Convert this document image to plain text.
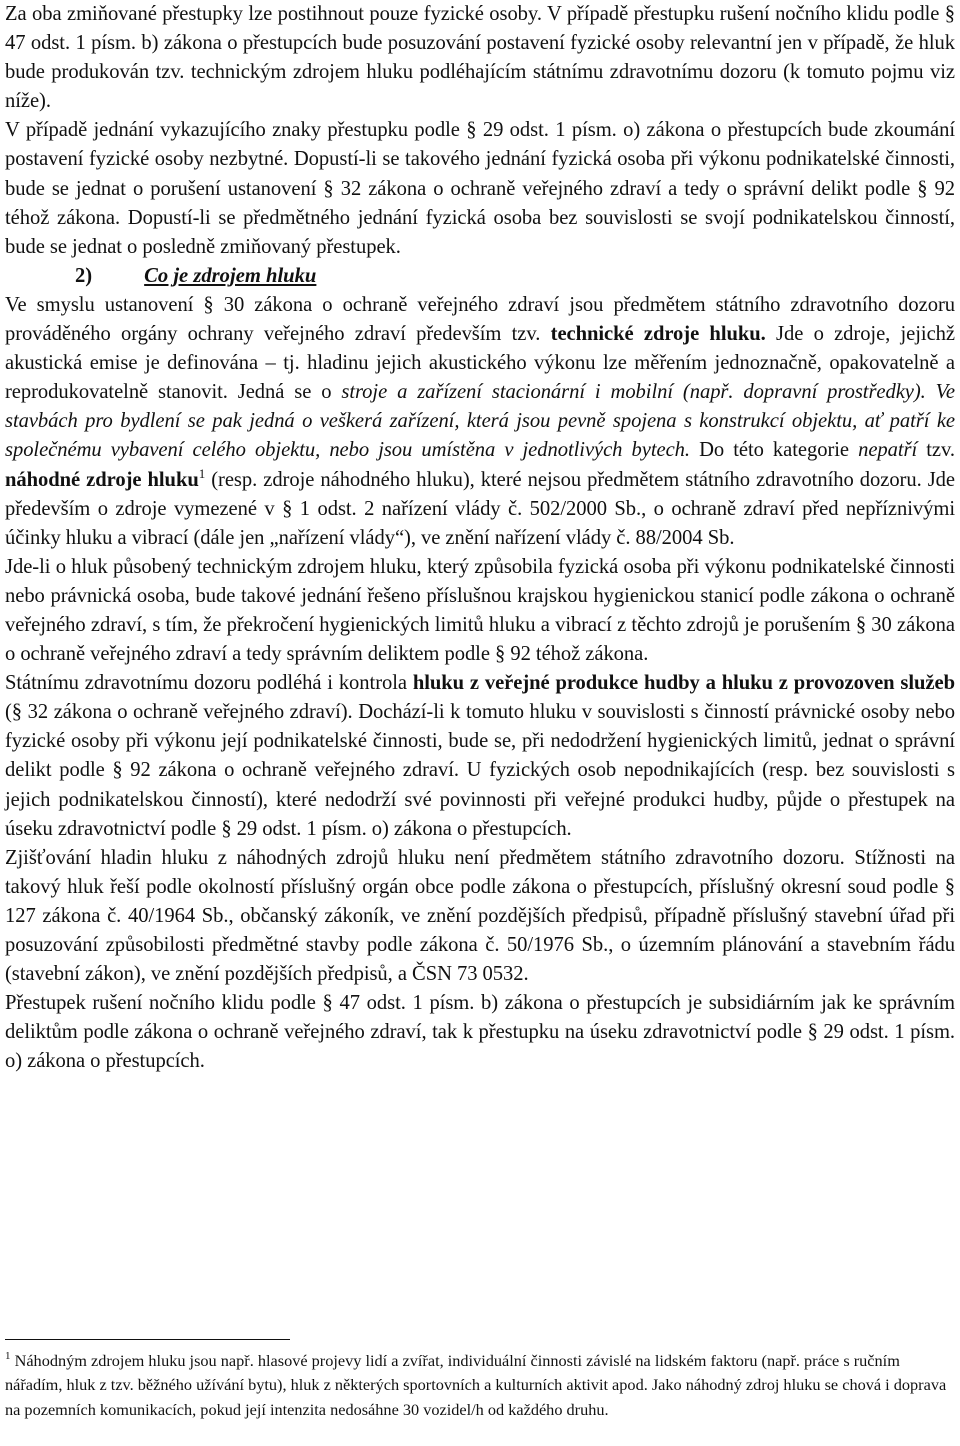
Za oba zmiňované přestupky lze postihnout pouze fyzické osoby. V případě přestupku rušení nočního klidu podle § 47 odst. 1 písm. b) zákona o přestupcích bude posuzování postavení fyzické osoby relevantní jen v případě, že hluk bude produkován tzv. technickým zdrojem hluku podléhajícím státnímu zdravotnímu dozoru (k tomuto pojmu viz níže).

V případě jednání vykazujícího znaky přestupku podle § 29 odst. 1 písm. o) zákona o přestupcích bude zkoumání postavení fyzické osoby nezbytné. Dopustí-li se takového jednání fyzická osoba při výkonu podnikatelské činnosti, bude se jednat o porušení ustanovení § 32 zákona o ochraně veřejného zdraví a tedy o správní delikt podle § 92 téhož zákona. Dopustí-li se předmětného jednání fyzická osoba bez souvislosti se svojí podnikatelskou činností, bude se jednat o posledně zmiňovaný přestupek.

2)	Co je zdrojem hluku

Ve smyslu ustanovení § 30 zákona o ochraně veřejného zdraví jsou předmětem státního zdravotního dozoru prováděného orgány ochrany veřejného zdraví především tzv. technické zdroje hluku. Jde o zdroje, jejichž akustická emise je definována – tj. hladinu jejich akustického výkonu lze měřením jednoznačně, opakovatelně a reprodukovatelně stanovit. Jedná se o stroje a zařízení stacionární i mobilní (např. dopravní prostředky). Ve stavbách pro bydlení se pak jedná o veškerá zařízení, která jsou pevně spojena s konstrukcí objektu, ať patří ke společnému vybavení celého objektu, nebo jsou umístěna v jednotlivých bytech. Do této kategorie nepatří tzv. náhodné zdroje hluku$^1$ (resp. zdroje náhodného hluku), které nejsou předmětem státního zdravotního dozoru. Jde především o zdroje vymezené v § 1 odst. 2 nařízení vlády č. 502/2000 Sb., o ochraně zdraví před nepříznivými účinky hluku a vibrací (dále jen „nařízení vlády“), ve znění nařízení vlády č. 88/2004 Sb.

Jde-li o hluk působený technickým zdrojem hluku, který způsobila fyzická osoba při výkonu podnikatelské činnosti nebo právnická osoba, bude takové jednání řešeno příslušnou krajskou hygienickou stanicí podle zákona o ochraně veřejného zdraví, s tím, že překročení hygienických limitů hluku a vibrací z těchto zdrojů je porušením § 30 zákona o ochraně veřejného zdraví a tedy správním deliktem podle § 92 téhož zákona.

Státnímu zdravotnímu dozoru podléhá i kontrola hluku z veřejné produkce hudby a hluku z provozoven služeb (§ 32 zákona o ochraně veřejného zdraví). Dochází-li k tomuto hluku v souvislosti s činností právnické osoby nebo fyzické osoby při výkonu její podnikatelské činnosti, bude se, při nedodržení hygienických limitů, jednat o správní delikt podle § 92 zákona o ochraně veřejného zdraví. U fyzických osob nepodnikajících (resp. bez souvislosti s jejich podnikatelskou činností), které nedodrží své povinnosti při veřejné produkci hudby, půjde o přestupek na úseku zdravotnictví podle § 29 odst. 1 písm. o) zákona o přestupcích.

Zjišťování hladin hluku z náhodných zdrojů hluku není předmětem státního zdravotního dozoru. Stížnosti na takový hluk řeší podle okolností příslušný orgán obce podle zákona o přestupcích, příslušný okresní soud podle § 127 zákona č. 40/1964 Sb., občanský zákoník, ve znění pozdějších předpisů, případně příslušný stavební úřad při posuzování způsobilosti předmětné stavby podle zákona č. 50/1976 Sb., o územním plánování a stavebním řádu (stavební zákon), ve znění pozdějších předpisů, a ČSN 73 0532.

Přestupek rušení nočního klidu podle § 47 odst. 1 písm. b) zákona o přestupcích je subsidiárním jak ke správním deliktům podle zákona o ochraně veřejného zdraví, tak k přestupku na úseku zdravotnictví podle § 29 odst. 1 písm. o) zákona o přestupcích.

$^1$ Náhodným zdrojem hluku jsou např. hlasové projevy lidí a zvířat, individuální činnosti závislé na lidském faktoru (např. práce s ručním nářadím, hluk z tzv. běžného užívání bytu), hluk z některých sportovních a kulturních aktivit apod. Jako náhodný zdroj hluku se chová i doprava na pozemních komunikacích, pokud její intenzita nedosáhne 30 vozidel/h od každého druhu.
